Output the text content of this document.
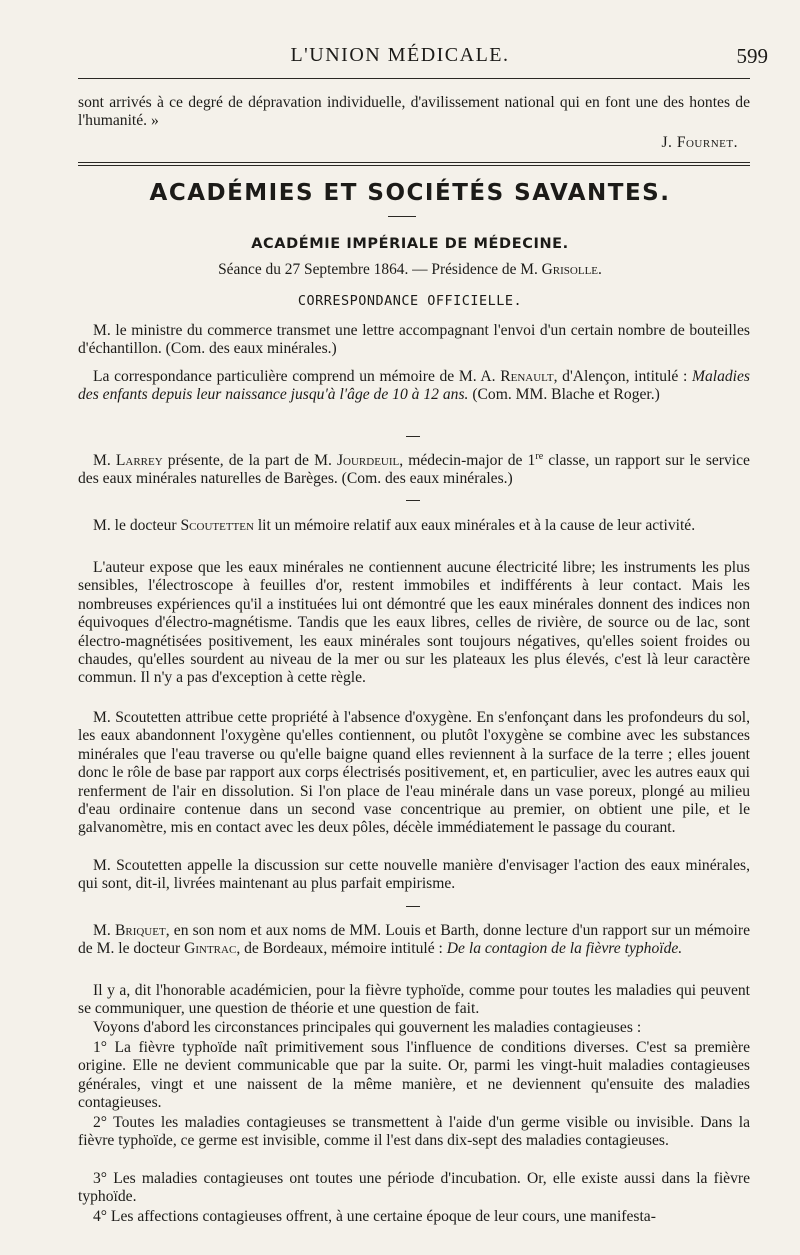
L'UNION MÉDICALE.	599
sont arrivés à ce degré de dépravation individuelle, d'avilissement national qui en font une des hontes de l'humanité. »
J. Fournet.
ACADÉMIES ET SOCIÉTÉS SAVANTES.
ACADÉMIE IMPÉRIALE DE MÉDECINE.
Séance du 27 Septembre 1864. — Présidence de M. Grisolle.
CORRESPONDANCE OFFICIELLE.
M. le ministre du commerce transmet une lettre accompagnant l'envoi d'un certain nombre de bouteilles d'échantillon. (Com. des eaux minérales.)
La correspondance particulière comprend un mémoire de M. A. Renault, d'Alençon, intitulé : Maladies des enfants depuis leur naissance jusqu'à l'âge de 10 à 12 ans. (Com. MM. Blache et Roger.)
M. Larrey présente, de la part de M. Jourdeuil, médecin-major de 1re classe, un rapport sur le service des eaux minérales naturelles de Barèges. (Com. des eaux minérales.)
M. le docteur Scoutetten lit un mémoire relatif aux eaux minérales et à la cause de leur activité.
L'auteur expose que les eaux minérales ne contiennent aucune électricité libre; les instruments les plus sensibles, l'électroscope à feuilles d'or, restent immobiles et indifférents à leur contact. Mais les nombreuses expériences qu'il a instituées lui ont démontré que les eaux minérales donnent des indices non équivoques d'électro-magnétisme. Tandis que les eaux libres, celles de rivière, de source ou de lac, sont électro-magnétisées positivement, les eaux minérales sont toujours négatives, qu'elles soient froides ou chaudes, qu'elles sourdent au niveau de la mer ou sur les plateaux les plus élevés, c'est là leur caractère commun. Il n'y a pas d'exception à cette règle.
M. Scoutetten attribue cette propriété à l'absence d'oxygène. En s'enfonçant dans les profondeurs du sol, les eaux abandonnent l'oxygène qu'elles contiennent, ou plutôt l'oxygène se combine avec les substances minérales que l'eau traverse ou qu'elle baigne quand elles reviennent à la surface de la terre ; elles jouent donc le rôle de base par rapport aux corps électrisés positivement, et, en particulier, avec les autres eaux qui renferment de l'air en dissolution. Si l'on place de l'eau minérale dans un vase poreux, plongé au milieu d'eau ordinaire contenue dans un second vase concentrique au premier, on obtient une pile, et le galvanomètre, mis en contact avec les deux pôles, décèle immédiatement le passage du courant.
M. Scoutetten appelle la discussion sur cette nouvelle manière d'envisager l'action des eaux minérales, qui sont, dit-il, livrées maintenant au plus parfait empirisme.
M. Briquet, en son nom et aux noms de MM. Louis et Barth, donne lecture d'un rapport sur un mémoire de M. le docteur Gintrac, de Bordeaux, mémoire intitulé : De la contagion de la fièvre typhoïde.
Il y a, dit l'honorable académicien, pour la fièvre typhoïde, comme pour toutes les maladies qui peuvent se communiquer, une question de théorie et une question de fait.
Voyons d'abord les circonstances principales qui gouvernent les maladies contagieuses :
1° La fièvre typhoïde naît primitivement sous l'influence de conditions diverses. C'est sa première origine. Elle ne devient communicable que par la suite. Or, parmi les vingt-huit maladies contagieuses générales, vingt et une naissent de la même manière, et ne deviennent qu'ensuite des maladies contagieuses.
2° Toutes les maladies contagieuses se transmettent à l'aide d'un germe visible ou invisible. Dans la fièvre typhoïde, ce germe est invisible, comme il l'est dans dix-sept des maladies contagieuses.
3° Les maladies contagieuses ont toutes une période d'incubation. Or, elle existe aussi dans la fièvre typhoïde.
4° Les affections contagieuses offrent, à une certaine époque de leur cours, une manifesta-
